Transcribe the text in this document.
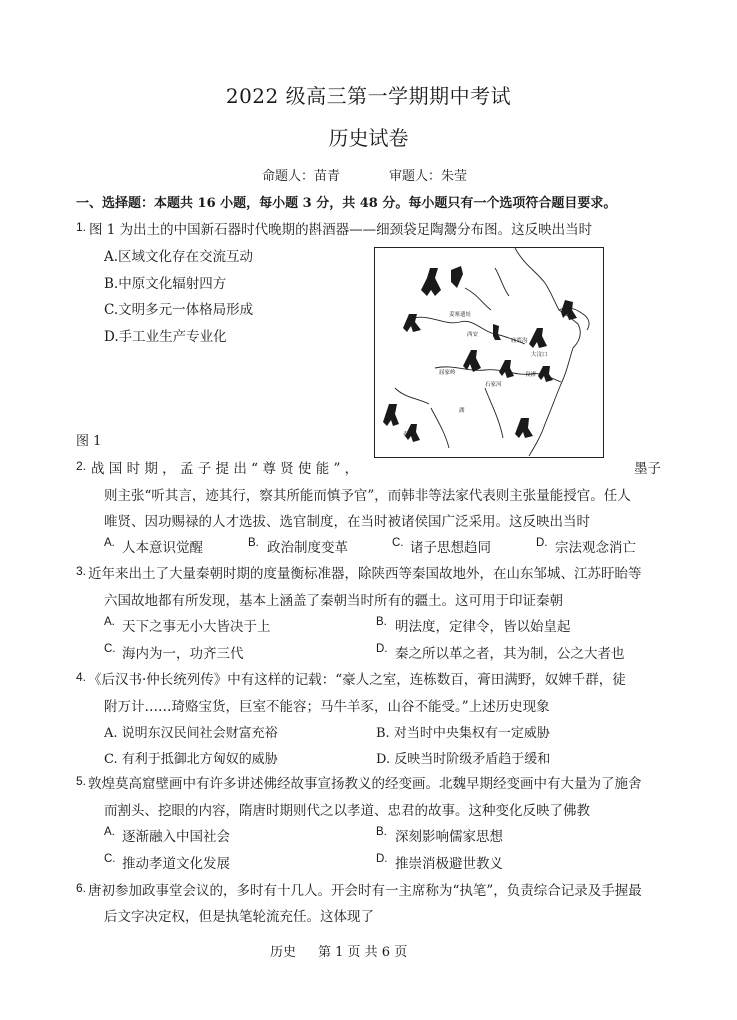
2022 级高三第一学期期中考试
历史试卷
命题人：苗青	审题人：朱莹
一、选择题：本题共 16 小题，每小题 3 分，共 48 分。每小题只有一个选项符合题目要求。
1. 图 1 为出土的中国新石器时代晚期的斟酒器——细颈袋足陶鬶分布图。这反映出当时
A.区域文化存在交流互动
B.中原文化辐射四方
C.文明多元一体格局形成
D.手工业生产专业化
图 1
姜寨遗址
西安
庙底沟
大汶口
屈家岭	良渚
石家河
湖
泰山
2. 战 国 时 期 ， 孟 子 提 出 “ 尊 贤 使 能 ” ，	墨子
则主张“听其言，迹其行，察其所能而慎予官”，而韩非等法家代表则主张量能授官。任人
唯贤、因功赐禄的人才选拔、选官制度，在当时被诸侯国广泛采用。这反映出当时
A. 人本意识觉醒	B. 政治制度变革	C. 诸子思想趋同	D. 宗法观念消亡
3. 近年来出土了大量秦朝时期的度量衡标准器，除陕西等秦国故地外，在山东邹城、江苏盱眙等
六国故地都有所发现，基本上涵盖了秦朝当时所有的疆土。这可用于印证秦朝
A. 天下之事无小大皆决于上	B. 明法度，定律令，皆以始皇起
C. 海内为一，功齐三代	D. 秦之所以革之者，其为制，公之大者也
4. 《后汉书·仲长统列传》中有这样的记载：“豪人之室，连栋数百，膏田满野，奴婢千群，徒
附万计……琦赂宝货，巨室不能容；马牛羊豕，山谷不能受。”上述历史现象
A. 说明东汉民间社会财富充裕	B. 对当时中央集权有一定威胁
C. 有利于抵御北方匈奴的威胁	D. 反映当时阶级矛盾趋于缓和
5. 敦煌莫高窟壁画中有许多讲述佛经故事宣扬教义的经变画。北魏早期经变画中有大量为了施舍
而割头、挖眼的内容，隋唐时期则代之以孝道、忠君的故事。这种变化反映了佛教
A. 逐渐融入中国社会	B. 深刻影响儒家思想
C. 推动孝道文化发展	D. 推崇消极避世教义
6. 唐初参加政事堂会议的，多时有十几人。开会时有一主席称为“执笔”，负责综合记录及手握最
后文字决定权，但是执笔轮流充任。这体现了
历史 第 1 页 共 6 页
